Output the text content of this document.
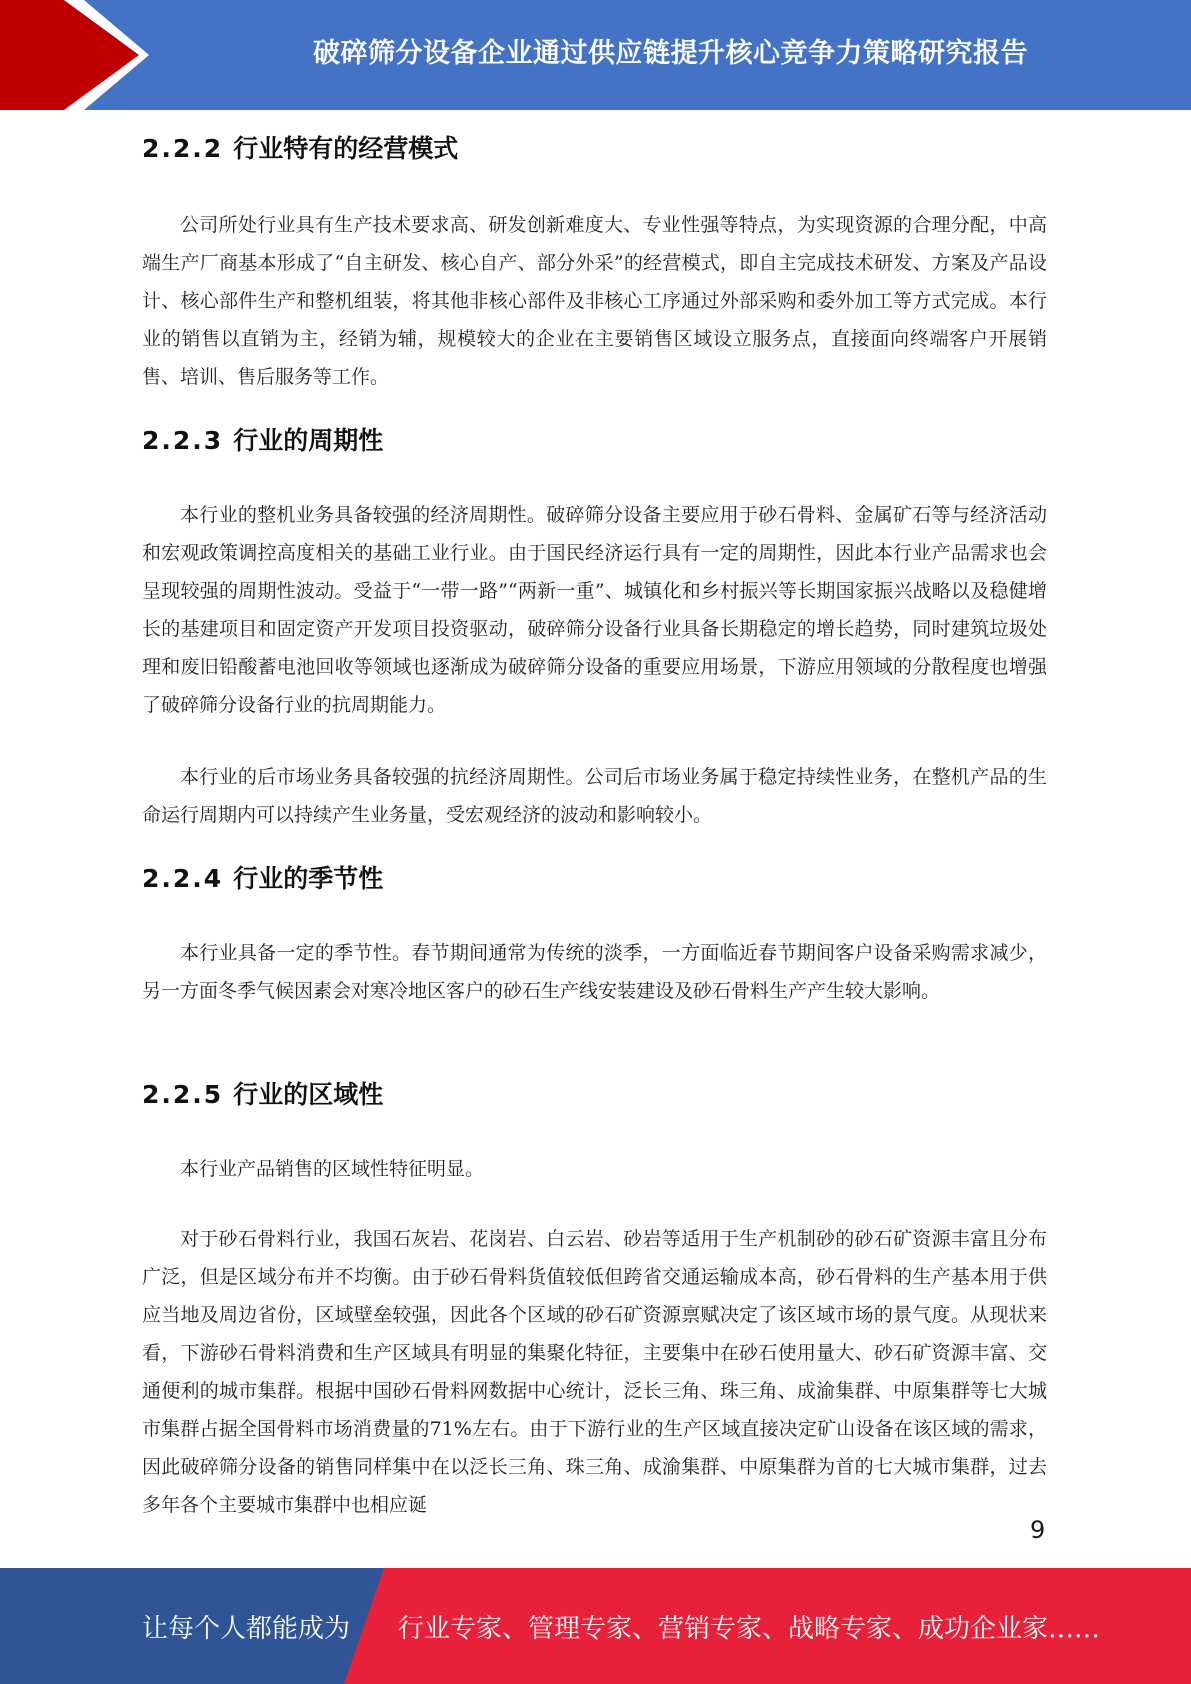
破碎筛分设备企业通过供应链提升核心竞争力策略研究报告
2.2.2 行业特有的经营模式

公司所处行业具有生产技术要求高、研发创新难度大、专业性强等特点，为实现资源的合理分配，中高端生产厂商基本形成了“自主研发、核心自产、部分外采”的经营模式，即自主完成技术研发、方案及产品设计、核心部件生产和整机组装，将其他非核心部件及非核心工序通过外部采购和委外加工等方式完成。本行业的销售以直销为主，经销为辅，规模较大的企业在主要销售区域设立服务点，直接面向终端客户开展销售、培训、售后服务等工作。

2.2.3 行业的周期性

本行业的整机业务具备较强的经济周期性。破碎筛分设备主要应用于砂石骨料、金属矿石等与经济活动和宏观政策调控高度相关的基础工业行业。由于国民经济运行具有一定的周期性，因此本行业产品需求也会呈现较强的周期性波动。受益于“一带一路”“两新一重”、城镇化和乡村振兴等长期国家振兴战略以及稳健增长的基建项目和固定资产开发项目投资驱动，破碎筛分设备行业具备长期稳定的增长趋势，同时建筑垃圾处理和废旧铅酸蓄电池回收等领域也逐渐成为破碎筛分设备的重要应用场景，下游应用领域的分散程度也增强了破碎筛分设备行业的抗周期能力。

本行业的后市场业务具备较强的抗经济周期性。公司后市场业务属于稳定持续性业务，在整机产品的生命运行周期内可以持续产生业务量，受宏观经济的波动和影响较小。

2.2.4 行业的季节性

本行业具备一定的季节性。春节期间通常为传统的淡季，一方面临近春节期间客户设备采购需求减少，另一方面冬季气候因素会对寒冷地区客户的砂石生产线安装建设及砂石骨料生产产生较大影响。

2.2.5 行业的区域性

本行业产品销售的区域性特征明显。

对于砂石骨料行业，我国石灰岩、花岗岩、白云岩、砂岩等适用于生产机制砂的砂石矿资源丰富且分布广泛，但是区域分布并不均衡。由于砂石骨料货值较低但跨省交通运输成本高，砂石骨料的生产基本用于供应当地及周边省份，区域壁垒较强，因此各个区域的砂石矿资源禀赋决定了该区域市场的景气度。从现状来看，下游砂石骨料消费和生产区域具有明显的集聚化特征，主要集中在砂石使用量大、砂石矿资源丰富、交通便利的城市集群。根据中国砂石骨料网数据中心统计，泛长三角、珠三角、成渝集群、中原集群等七大城市集群占据全国骨料市场消费量的71%左右。由于下游行业的生产区域直接决定矿山设备在该区域的需求，因此破碎筛分设备的销售同样集中在以泛长三角、珠三角、成渝集群、中原集群为首的七大城市集群，过去多年各个主要城市集群中也相应诞

9
让每个人都能成为 行业专家、管理专家、营销专家、战略专家、成功企业家……
